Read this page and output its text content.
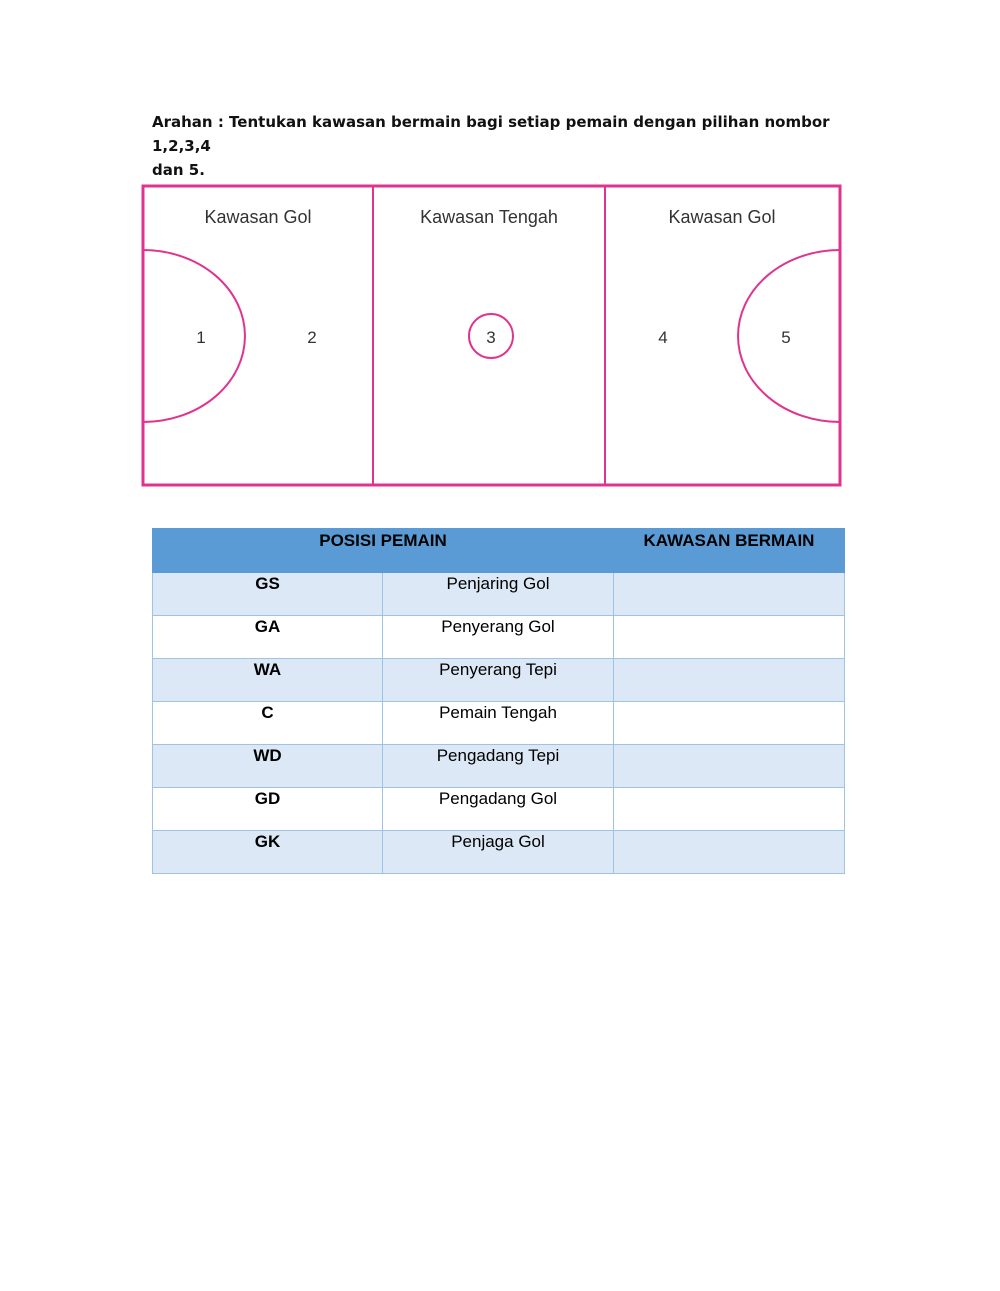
Arahan : Tentukan kawasan bermain bagi setiap pemain dengan pilihan nombor 1,2,3,4
dan 5.
Kawasan Gol	Kawasan Tengah	Kawasan Gol
1	2	3	4	5
POSISI PEMAIN		KAWASAN BERMAIN
GS	Penjaring Gol	
GA	Penyerang Gol	
WA	Penyerang Tepi	
C	Pemain Tengah	
WD	Pengadang Tepi	
GD	Pengadang Gol	
GK	Penjaga Gol	
